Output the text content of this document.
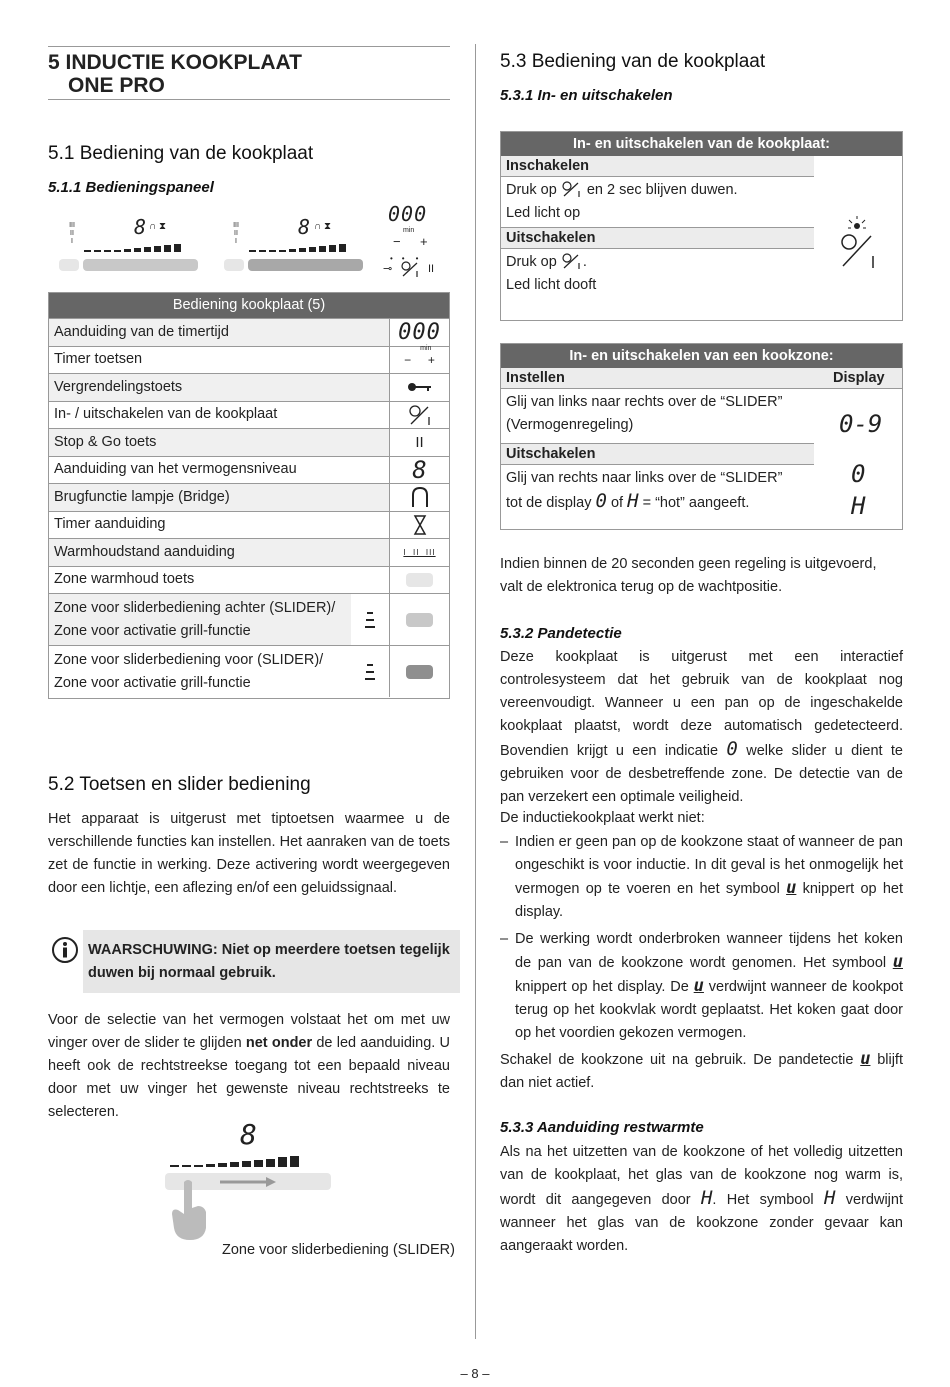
5 INDUCTIE KOOKPLAAT
ONE PRO
5.1 Bediening van de kookplaat
5.1.1 Bedieningspaneel
III
II
I
8 ∩ ⧗	III
II
I
8 ∩ ⧗
000
min
− +
⊸	II
•    •     •
Bediening kookplaat (5)
Aanduiding van de timertijd	000
Timer toetsen	−     +
min
Vergrendelingstoets
In- / uitschakelen van de kookplaat
Stop & Go toets	II
Aanduiding van het vermogensniveau	8
Brugfunctie lampje (Bridge)
Timer aanduiding
Warmhoudstand aanduiding	I  II  III
Zone warmhoud toets
Zone voor sliderbediening achter (SLIDER)/
Zone voor activatie grill-functie
Zone voor sliderbediening voor (SLIDER)/
Zone voor activatie grill-functie
5.2 Toetsen en slider bediening
Het apparaat is uitgerust met tiptoetsen waarmee u de verschillende functies kan instellen. Het aanraken van de toets zet de functie in werking. Deze activering wordt weergegeven door een lichtje, een aflezing en/of een geluidssignaal.
WAARSCHUWING: Niet op meerdere toetsen tegelijk duwen bij normaal gebruik.
Voor de selectie van het vermogen volstaat het om met uw vinger over de slider te glijden net onder de led aanduiding. U heeft ook de rechtstreekse toegang tot een bepaald niveau door met uw vinger het gewenste niveau rechtstreeks te selecteren.
8
Zone voor sliderbediening (SLIDER)
5.3 Bediening van de kookplaat
5.3.1 In- en uitschakelen
In- en uitschakelen van de kookplaat:
Inschakelen
Druk op  en 2 sec blijven duwen.
Led licht op
Uitschakelen
Druk op .
Led licht dooft
In- en uitschakelen van een kookzone:
Instellen	Display
Glij van links naar rechts over de “SLIDER”
(Vermogenregeling)	0-9
Uitschakelen
Glij van rechts naar links over de “SLIDER”
tot de display 0 of H = “hot” aangeeft.
0
H
Indien binnen de 20 seconden geen regeling is uitgevoerd, valt de elektronica terug op de wachtpositie.
5.3.2 Pandetectie
Deze kookplaat is uitgerust met een interactief controlesysteem dat het gebruik van de kookplaat nog vereenvoudigt. Wanneer u een pan op de ingeschakelde kookplaat plaatst, wordt deze automatisch gedetecteerd. Bovendien krijgt u een indicatie 0 welke slider u dient te gebruiken voor de desbetreffende zone. De detectie van de pan verzekert een optimale veiligheid.
De inductiekookplaat werkt niet:
– Indien er geen pan op de kookzone staat of wanneer de pan ongeschikt is voor inductie. In dit geval is het onmogelijk het vermogen op te voeren en het symbool u knippert op het display.
– De werking wordt onderbroken wanneer tijdens het koken de pan van de kookzone wordt genomen. Het symbool u knippert op het display. De u verdwijnt wanneer de kookpot terug op het kookvlak wordt geplaatst. Het koken gaat door op het voordien gekozen vermogen.
Schakel de kookzone uit na gebruik. De pandetectie u blijft dan niet actief.
5.3.3 Aanduiding restwarmte
Als na het uitzetten van de kookzone of het volledig uitzetten van de kookplaat, het glas van de kookzone nog warm is, wordt dit aangegeven door H. Het symbool H verdwijnt wanneer het glas van de kookzone zonder gevaar kan aangeraakt worden.
– 8 –
